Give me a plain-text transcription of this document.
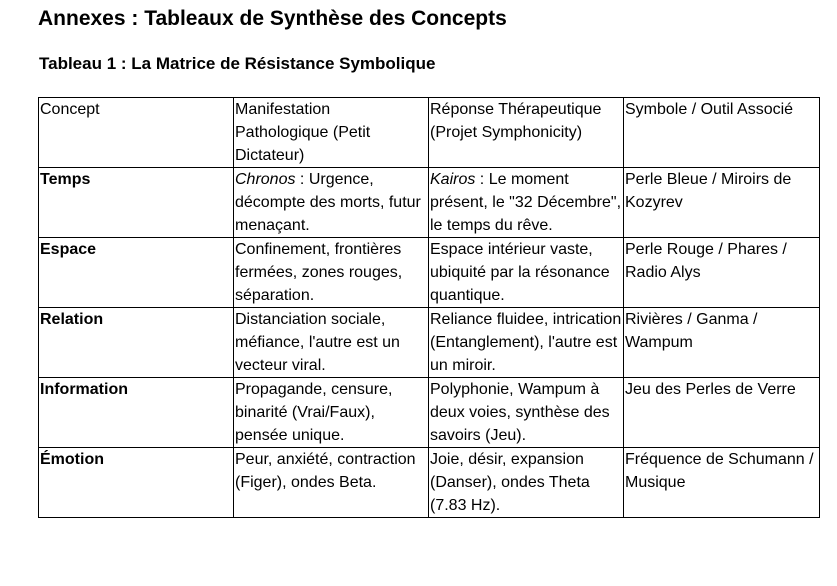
Annexes : Tableaux de Synthèse des Concepts
Tableau 1 : La Matrice de Résistance Symbolique
Concept	Manifestation Pathologique (Petit Dictateur)	Réponse Thérapeutique (Projet Symphonicity)	Symbole / Outil Associé
Temps	Chronos : Urgence, décompte des morts, futur menaçant.	Kairos : Le moment présent, le "32 Décembre", le temps du rêve.	Perle Bleue / Miroirs de Kozyrev
Espace	Confinement, frontières fermées, zones rouges, séparation.	Espace intérieur vaste, ubiquité par la résonance quantique.	Perle Rouge / Phares / Radio Alys
Relation	Distanciation sociale, méfiance, l'autre est un vecteur viral.	Reliance fluidee, intrication (Entanglement), l'autre est un miroir.	Rivières / Ganma / Wampum
Information	Propagande, censure, binarité (Vrai/Faux), pensée unique.	Polyphonie, Wampum à deux voies, synthèse des savoirs (Jeu).	Jeu des Perles de Verre
Émotion	Peur, anxiété, contraction (Figer), ondes Beta.	Joie, désir, expansion (Danser), ondes Theta (7.83 Hz).	Fréquence de Schumann / Musique
